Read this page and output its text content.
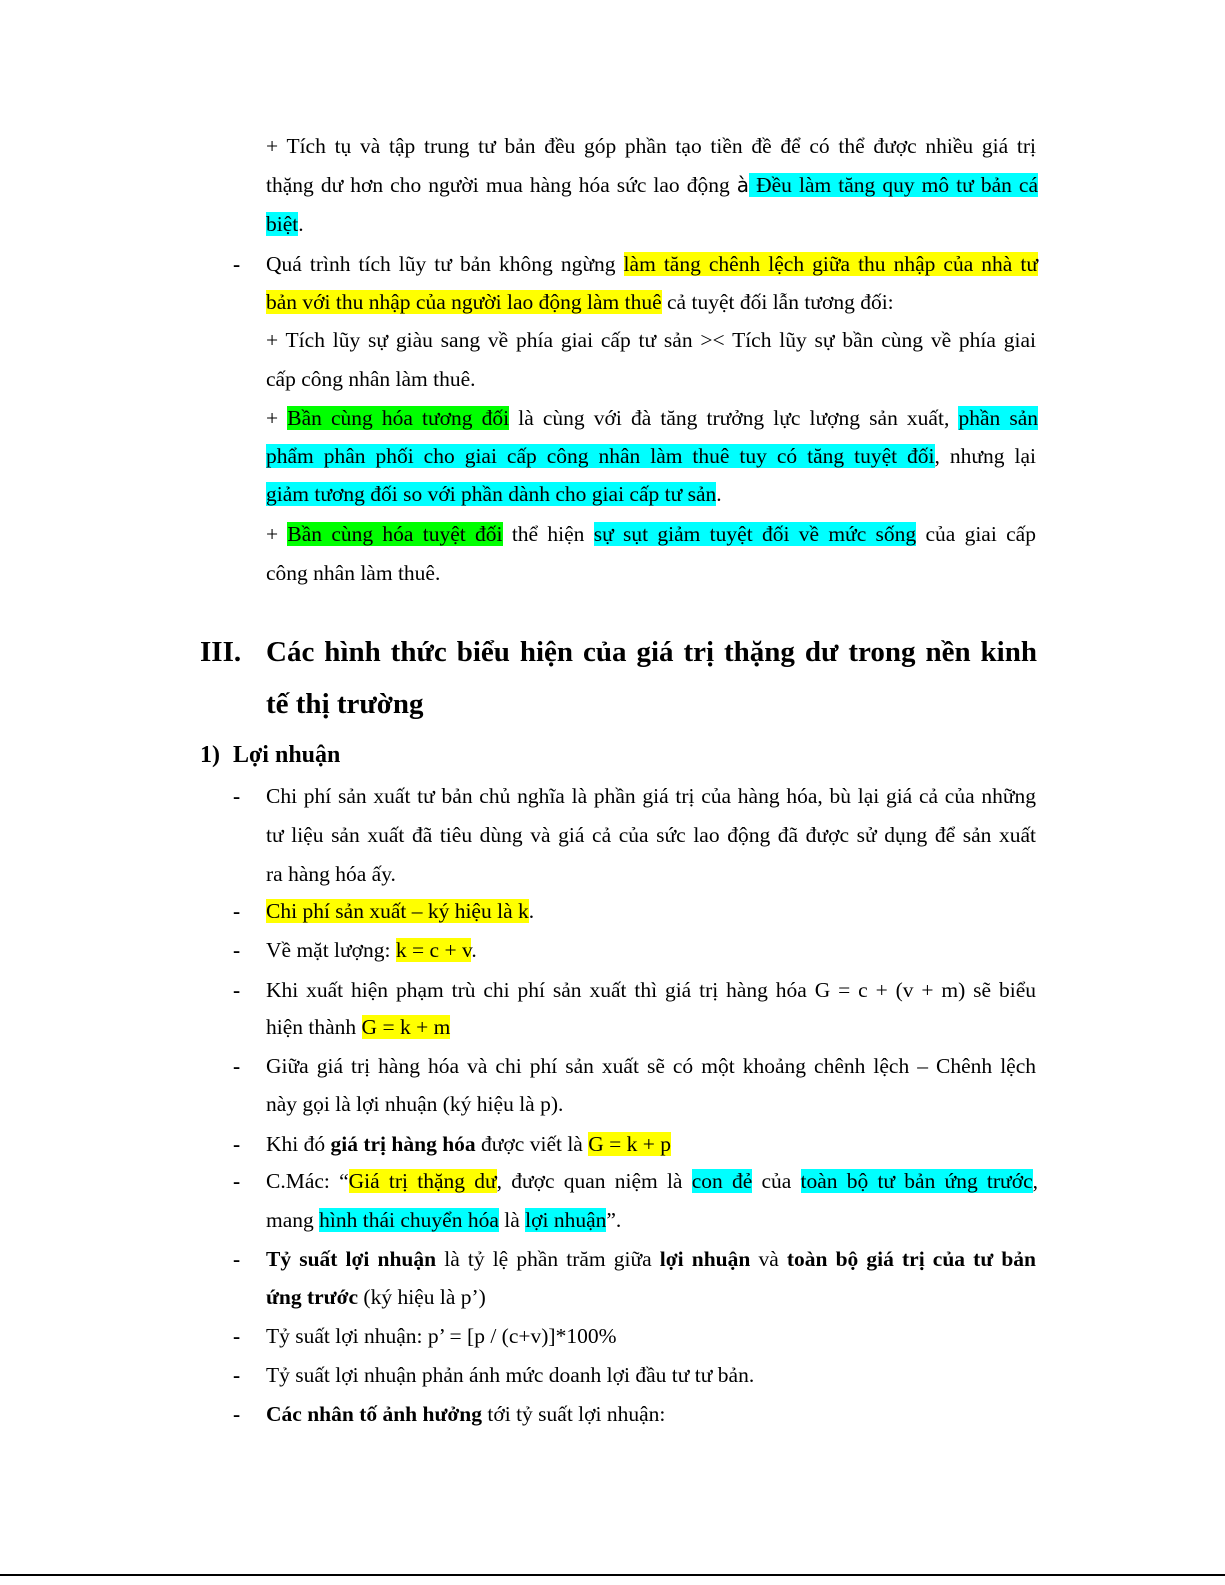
+ Tích tụ và tập trung tư bản đều góp phần tạo tiền đề để có thể được nhiều giá trị
thặng dư hơn cho người mua hàng hóa sức lao động à Đều làm tăng quy mô tư bản cá
biệt.
- Quá trình tích lũy tư bản không ngừng làm tăng chênh lệch giữa thu nhập của nhà tư
bản với thu nhập của người lao động làm thuê cả tuyệt đối lẫn tương đối:
+ Tích lũy sự giàu sang về phía giai cấp tư sản >< Tích lũy sự bần cùng về phía giai
cấp công nhân làm thuê.
+ Bần cùng hóa tương đối là cùng với đà tăng trưởng lực lượng sản xuất, phần sản
phẩm phân phối cho giai cấp công nhân làm thuê tuy có tăng tuyệt đối, nhưng lại
giảm tương đối so với phần dành cho giai cấp tư sản.
+ Bần cùng hóa tuyệt đối thể hiện sự sụt giảm tuyệt đối về mức sống của giai cấp
công nhân làm thuê.
III. Các hình thức biểu hiện của giá trị thặng dư trong nền kinh
tế thị trường
1) Lợi nhuận
- Chi phí sản xuất tư bản chủ nghĩa là phần giá trị của hàng hóa, bù lại giá cả của những
tư liệu sản xuất đã tiêu dùng và giá cả của sức lao động đã được sử dụng để sản xuất
ra hàng hóa ấy.
- Chi phí sản xuất – ký hiệu là k.
- Về mặt lượng: k = c + v.
- Khi xuất hiện phạm trù chi phí sản xuất thì giá trị hàng hóa G = c + (v + m) sẽ biểu
hiện thành G = k + m
- Giữa giá trị hàng hóa và chi phí sản xuất sẽ có một khoảng chênh lệch – Chênh lệch
này gọi là lợi nhuận (ký hiệu là p).
- Khi đó giá trị hàng hóa được viết là G = k + p
- C.Mác: “Giá trị thặng dư, được quan niệm là con đẻ của toàn bộ tư bản ứng trước,
mang hình thái chuyển hóa là lợi nhuận”.
- Tỷ suất lợi nhuận là tỷ lệ phần trăm giữa lợi nhuận và toàn bộ giá trị của tư bản
ứng trước (ký hiệu là p’)
- Tỷ suất lợi nhuận: p’ = [p / (c+v)]*100%
- Tỷ suất lợi nhuận phản ánh mức doanh lợi đầu tư tư bản.
- Các nhân tố ảnh hưởng tới tỷ suất lợi nhuận:
